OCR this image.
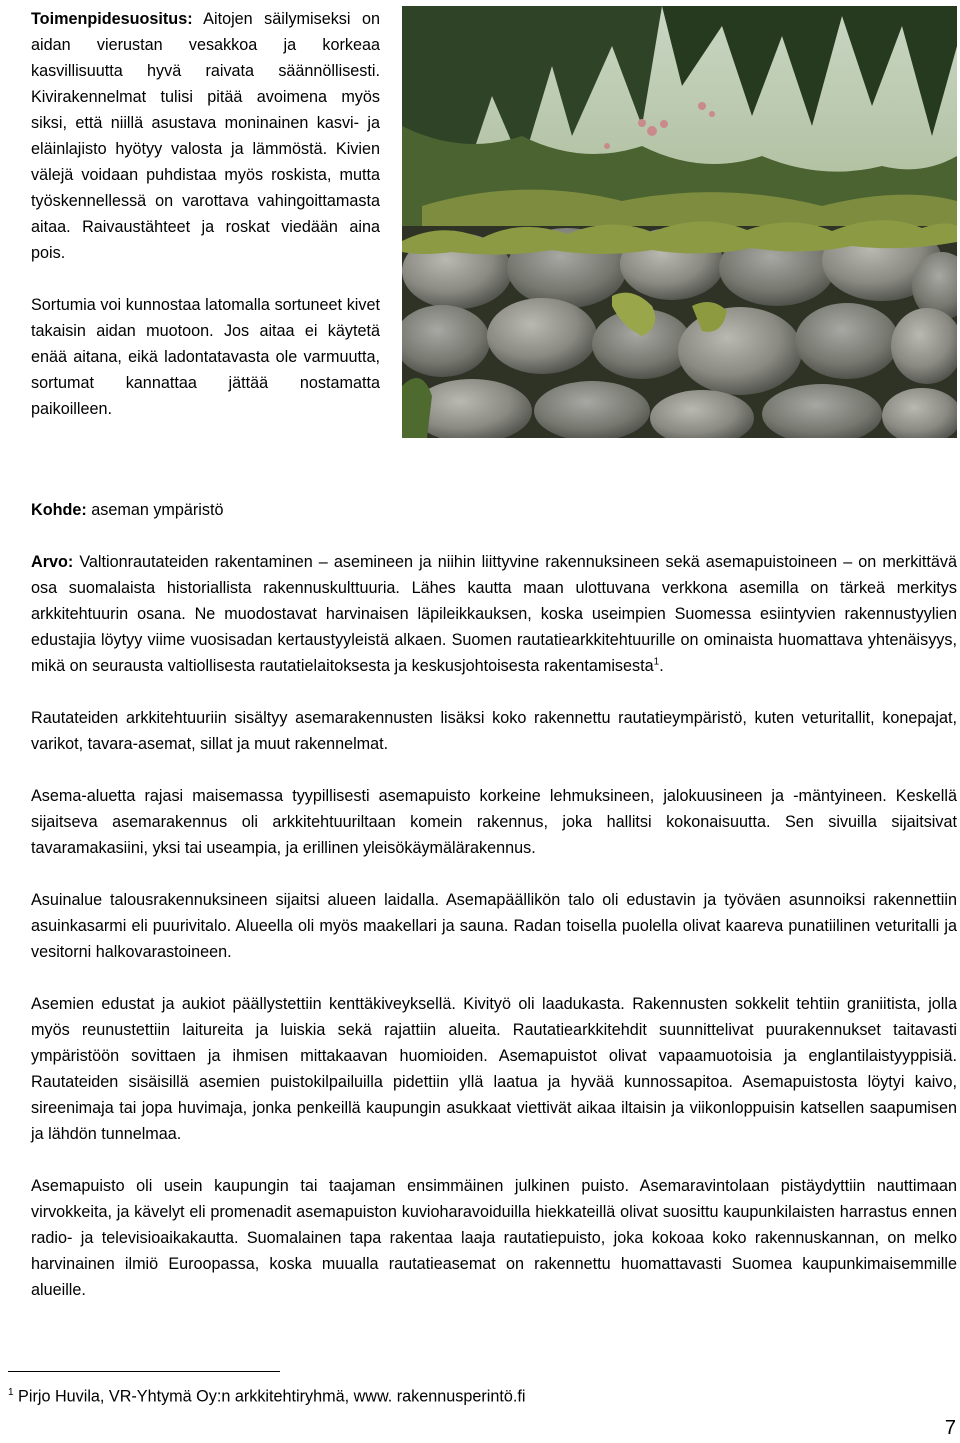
Toimenpidesuositus: Aitojen säilymiseksi on aidan vierustan vesakkoa ja korkeaa kasvillisuutta hyvä raivata säännöllisesti. Kivirakennelmat tulisi pitää avoimena myös siksi, että niillä asustava moninainen kasvi- ja eläinlajisto hyötyy valosta ja lämmöstä. Kivien välejä voidaan puhdistaa myös roskista, mutta työskennellessä on varottava vahingoittamasta aitaa. Raivaustähteet ja roskat viedään aina pois.

Sortumia voi kunnostaa latomalla sortuneet kivet takaisin aidan muotoon. Jos aitaa ei käytetä enää aitana, eikä ladontatavasta ole varmuutta, sortumat kannattaa jättää nostamatta paikoilleen.

Kohde: aseman ympäristö

Arvo: Valtionrautateiden rakentaminen – asemineen ja niihin liittyvine rakennuksineen sekä asemapuistoineen – on merkittävä osa suomalaista historiallista rakennuskulttuuria. Lähes kautta maan ulottuvana verkkona asemilla on tärkeä merkitys arkkitehtuurin osana. Ne muodostavat harvinaisen läpileikkauksen, koska useimpien Suomessa esiintyvien rakennustyylien edustajia löytyy viime vuosisadan kertaustyyleistä alkaen. Suomen rautatiearkkitehtuurille on ominaista huomattava yhtenäisyys, mikä on seurausta valtiollisesta rautatielaitoksesta ja keskusjohtoisesta rakentamisesta$^1$.

Rautateiden arkkitehtuuriin sisältyy asemarakennusten lisäksi koko rakennettu rautatieympäristö, kuten veturitallit, konepajat, varikot, tavara-asemat, sillat ja muut rakennelmat.

Asema-aluetta rajasi maisemassa tyypillisesti asemapuisto korkeine lehmuksineen, jalokuusineen ja -mäntyineen. Keskellä sijaitseva asemarakennus oli arkkitehtuuriltaan komein rakennus, joka hallitsi kokonaisuutta. Sen sivuilla sijaitsivat tavaramakasiini, yksi tai useampia, ja erillinen yleisökäymälärakennus.

Asuinalue talousrakennuksineen sijaitsi alueen laidalla. Asemapäällikön talo oli edustavin ja työväen asunnoiksi rakennettiin asuinkasarmi eli puurivitalo. Alueella oli myös maakellari ja sauna. Radan toisella puolella olivat kaareva punatiilinen veturitalli ja vesitorni halkovarastoineen.

Asemien edustat ja aukiot päällystettiin kenttäkiveyksellä. Kivityö oli laadukasta. Rakennusten sokkelit tehtiin graniitista, jolla myös reunustettiin laitureita ja luiskia sekä rajattiin alueita. Rautatiearkkitehdit suunnittelivat puurakennukset taitavasti ympäristöön sovittaen ja ihmisen mittakaavan huomioiden. Asemapuistot olivat vapaamuotoisia ja englantilaistyyppisiä. Rautateiden sisäisillä asemien puistokilpailuilla pidettiin yllä laatua ja hyvää kunnossapitoa. Asemapuistosta löytyi kaivo, sireenimaja tai jopa huvimaja, jonka penkeillä kaupungin asukkaat viettivät aikaa iltaisin ja viikonloppuisin katsellen saapumisen ja lähdön tunnelmaa.

Asemapuisto oli usein kaupungin tai taajaman ensimmäinen julkinen puisto. Asemaravintolaan pistäydyttiin nauttimaan virvokkeita, ja kävelyt eli promenadit asemapuiston kuvioharavoiduilla hiekkateillä olivat suosittu kaupunkilaisten harrastus ennen radio- ja televisioaikakautta. Suomalainen tapa rakentaa laaja rautatiepuisto, joka kokoaa koko rakennuskannan, on melko harvinainen ilmiö Euroopassa, koska muualla rautatieasemat on rakennettu huomattavasti Suomea kaupunkimaisemmille alueille.

$^1$ Pirjo Huvila, VR-Yhtymä Oy:n arkkitehtiryhmä, www. rakennusperintö.fi
7
